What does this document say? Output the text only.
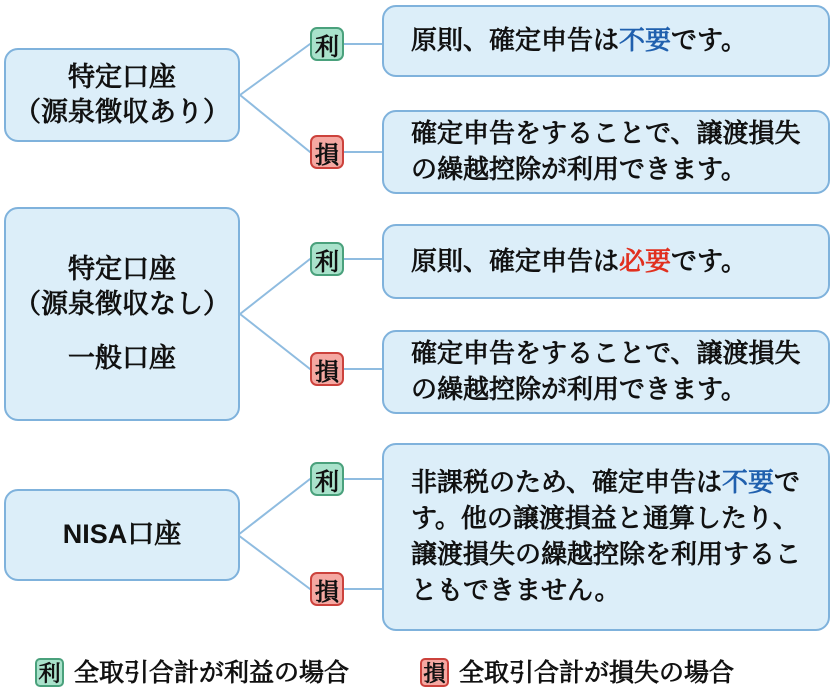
特定口座
（源泉徴収あり）
利	原則、確定申告は不要です。
損
確定申告をすることで、譲渡損失の繰越控除が利用できます。
特定口座
（源泉徴収なし）
一般口座
利	原則、確定申告は必要です。
損
確定申告をすることで、譲渡損失の繰越控除が利用できます。
NISA口座
利
損
非課税のため、確定申告は不要です。他の譲渡損益と通算したり、譲渡損失の繰越控除を利用することもできません。
利 全取引合計が利益の場合	損 全取引合計が損失の場合
